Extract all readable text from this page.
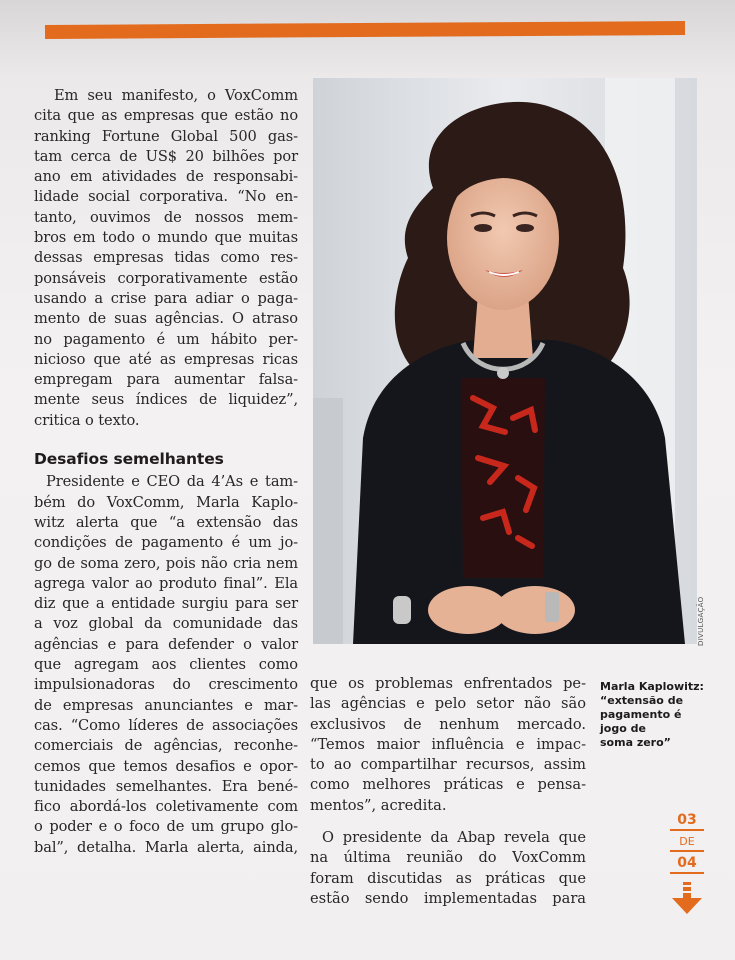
Em seu manifesto, o VoxComm
cita que as empresas que estão no
ranking Fortune Global 500 gas-
tam cerca de US$ 20 bilhões por
ano em atividades de responsabi-
lidade social corporativa. “No en-
tanto, ouvimos de nossos mem-
bros em todo o mundo que muitas
dessas empresas tidas como res-
ponsáveis corporativamente estão
usando a crise para adiar o paga-
mento de suas agências. O atraso
no pagamento é um hábito per-
nicioso que até as empresas ricas
empregam para aumentar falsa-
mente seus índices de liquidez”,
critica o texto.

Desafios semelhantes

Presidente e CEO da 4’As e tam-
bém do VoxComm, Marla Kaplo-
witz alerta que “a extensão das
condições de pagamento é um jo-
go de soma zero, pois não cria nem
agrega valor ao produto final”. Ela
diz que a entidade surgiu para ser
a voz global da comunidade das
agências e para defender o valor
que agregam aos clientes como
impulsionadoras do crescimento
de empresas anunciantes e mar-
cas. “Como líderes de associações
comerciais de agências, reconhe-
cemos que temos desafios e opor-
tunidades semelhantes. Era bené-
fico abordá-los coletivamente com
o poder e o foco de um grupo glo-
bal”, detalha. Marla alerta, ainda,

DIVULGAÇÃO
Marla Kaplowitz:
“extensão de
pagamento é
jogo de
soma zero”

que os problemas enfrentados pe-
las agências e pelo setor não são
exclusivos de nenhum mercado.
“Temos maior influência e impac-
to ao compartilhar recursos, assim
como melhores práticas e pensa-
mentos”, acredita.

O presidente da Abap revela que
na última reunião do VoxComm
foram discutidas as práticas que
estão sendo implementadas para

03
DE
04
